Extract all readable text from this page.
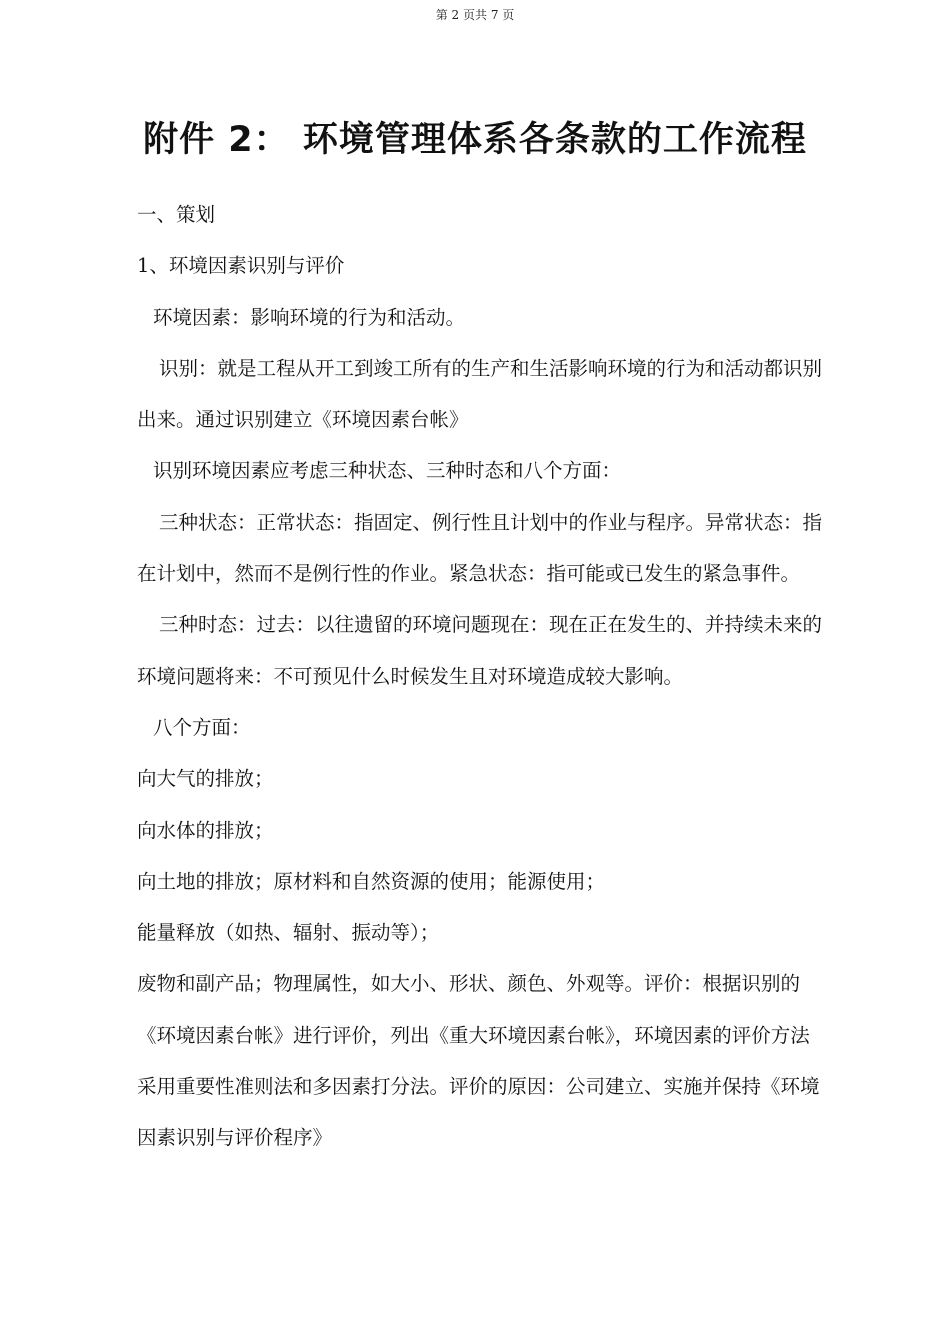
第 2 页共 7 页
附件 2： 环境管理体系各条款的工作流程

一、策划

1、环境因素识别与评价

环境因素：影响环境的行为和活动。

识别：就是工程从开工到竣工所有的生产和生活影响环境的行为和活动都识别出来。通过识别建立《环境因素台帐》

识别环境因素应考虑三种状态、三种时态和八个方面：

三种状态：正常状态：指固定、例行性且计划中的作业与程序。异常状态：指在计划中，然而不是例行性的作业。紧急状态：指可能或已发生的紧急事件。

三种时态：过去：以往遗留的环境问题现在：现在正在发生的、并持续未来的环境问题将来：不可预见什么时候发生且对环境造成较大影响。

八个方面：

向大气的排放；

向水体的排放；

向土地的排放；原材料和自然资源的使用；能源使用；

能量释放（如热、辐射、振动等）；

废物和副产品；物理属性，如大小、形状、颜色、外观等。评价：根据识别的《环境因素台帐》进行评价，列出《重大环境因素台帐》，环境因素的评价方法采用重要性准则法和多因素打分法。评价的原因：公司建立、实施并保持《环境因素识别与评价程序》
